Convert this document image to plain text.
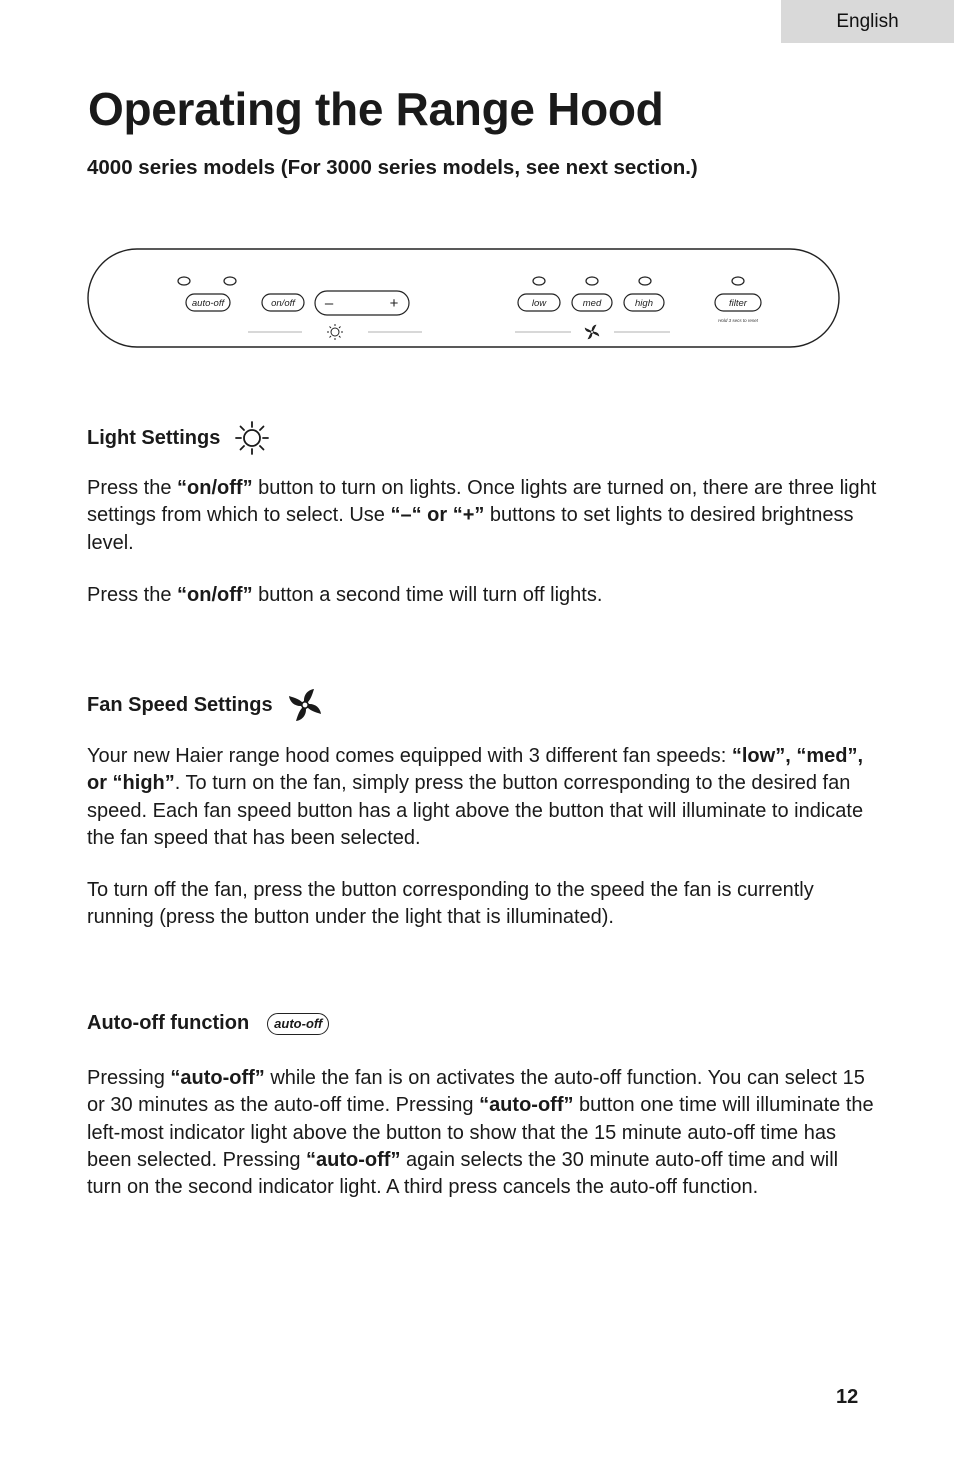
English
Operating the Range Hood
4000 series models (For 3000 series models, see next section.)
auto-off	on/off	low	med	high	filter
–	+
Hold 3 secs to reset
Light Settings

Press the “on/off” button to turn on lights. Once lights are turned on, there are three light settings from which to select. Use “–“ or “+” buttons to set lights to desired brightness level.

Press the “on/off” button a second time will turn off lights.

Fan Speed Settings

Your new Haier range hood comes equipped with 3 different fan speeds: “low”, “med”, or “high”. To turn on the fan, simply press the button corresponding to the desired fan speed. Each fan speed button has a light above the button that will illuminate to indicate the fan speed that has been selected.

To turn off the fan, press the button corresponding to the speed the fan is currently running (press the button under the light that is illuminated).

Auto-off function	auto-off

Pressing “auto-off” while the fan is on activates the auto-off function. You can select 15 or 30 minutes as the auto-off time. Pressing “auto-off” button one time will illuminate the left-most indicator light above the button to show that the 15 minute auto-off time has been selected. Pressing “auto-off” again selects the 30 minute auto-off time and will turn on the second indicator light. A third press cancels the auto-off function.

12
